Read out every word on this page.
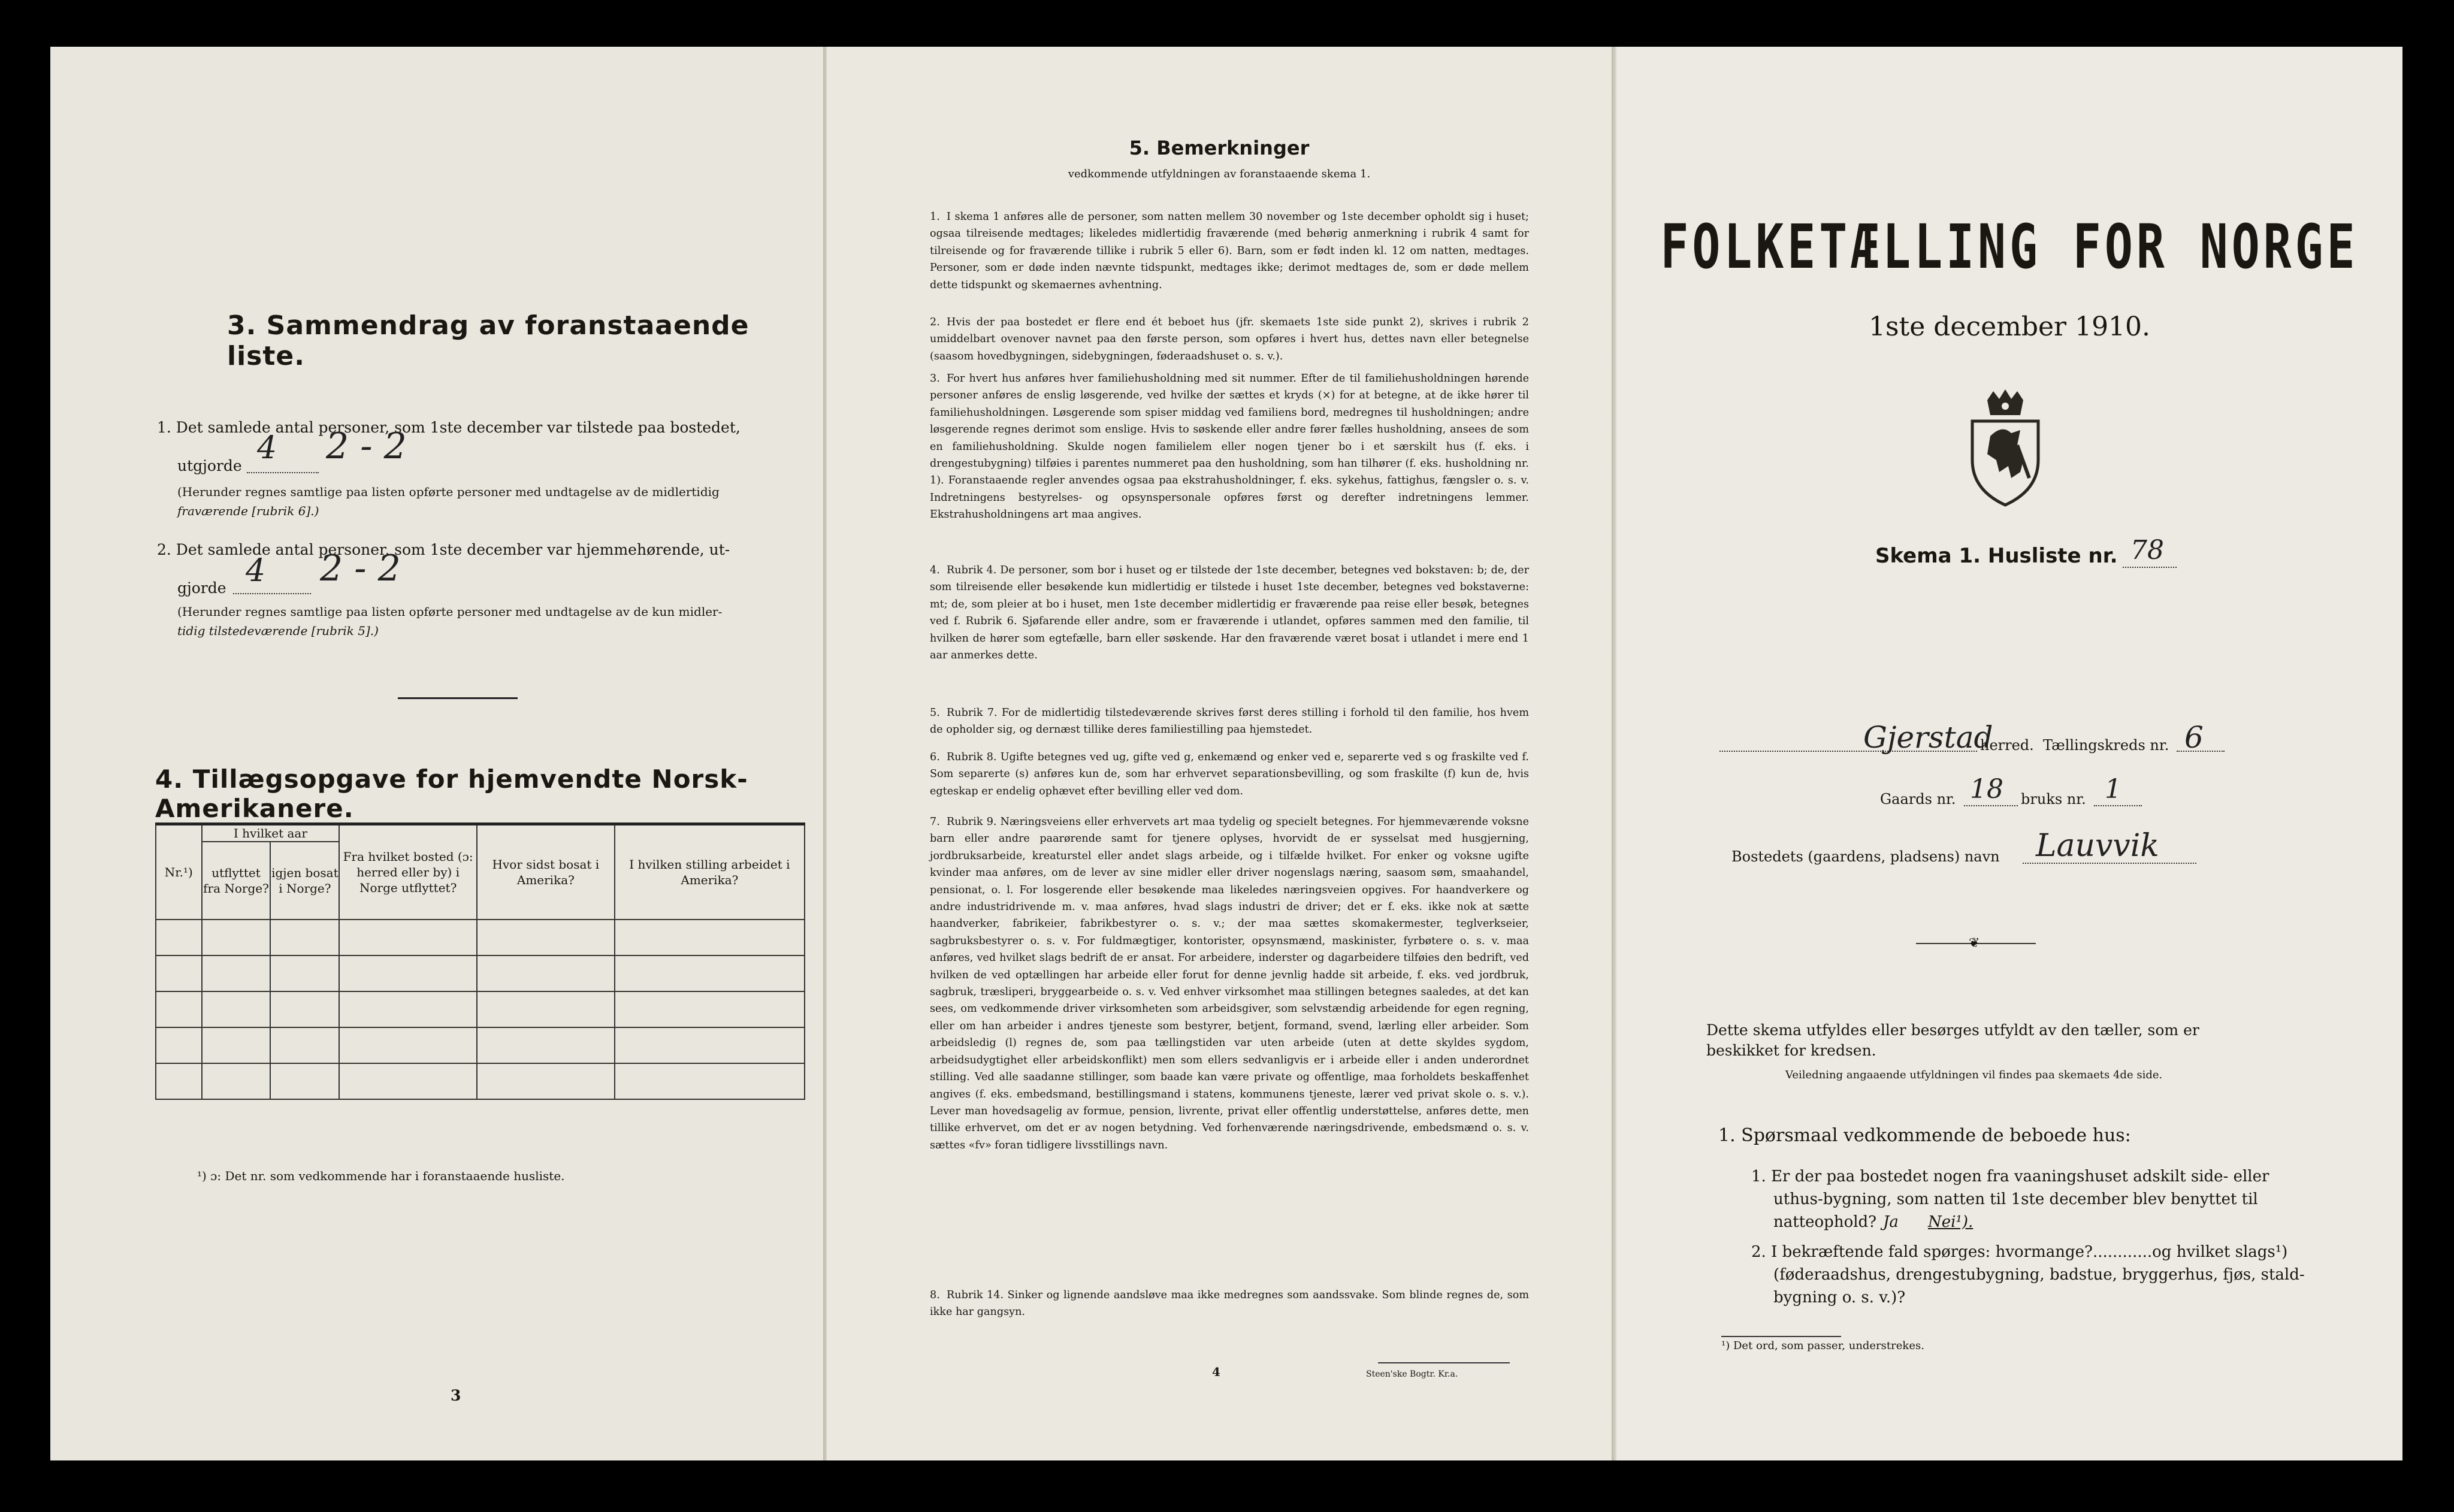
3. Sammendrag av foranstaaende liste.
1. Det samlede antal personer, som 1ste december var tilstede paa bostedet,
utgjorde 4 2 - 2
(Herunder regnes samtlige paa listen opførte personer med undtagelse av de midlertidig
fraværende [rubrik 6].)
2. Det samlede antal personer, som 1ste december var hjemmehørende, ut-
gjorde 4 2 - 2
(Herunder regnes samtlige paa listen opførte personer med undtagelse av de kun midler-
tidig tilstedeværende [rubrik 5].)
4. Tillægsopgave for hjemvendte Norsk-Amerikanere.
Nr.¹)	I hvilket aar		Fra hvilket bosted (ɔ: herred eller by) i Norge utflyttet?	Hvor sidst bosat i Amerika?	I hvilken stilling arbeidet i Amerika?
	utflyttet fra Norge?	igjen bosat i Norge?			

¹) ɔ: Det nr. som vedkommende har i foranstaaende husliste.
3
5. Bemerkninger
vedkommende utfyldningen av foranstaaende skema 1.
1. I skema 1 anføres alle de personer, som natten mellem 30 november og 1ste december opholdt sig i huset; ogsaa tilreisende medtages; likeledes midlertidig fraværende (med behørig anmerkning i rubrik 4 samt for tilreisende og for fraværende tillike i rubrik 5 eller 6). Barn, som er født inden kl. 12 om natten, medtages. Personer, som er døde inden nævnte tidspunkt, medtages ikke; derimot medtages de, som er døde mellem dette tidspunkt og skemaernes avhentning.
2. Hvis der paa bostedet er flere end ét beboet hus (jfr. skemaets 1ste side punkt 2), skrives i rubrik 2 umiddelbart ovenover navnet paa den første person, som opføres i hvert hus, dettes navn eller betegnelse (saasom hovedbygningen, sidebygningen, føderaadshuset o. s. v.).
3. For hvert hus anføres hver familiehusholdning med sit nummer. Efter de til familiehusholdningen hørende personer anføres de enslig løsgerende, ved hvilke der sættes et kryds (×) for at betegne, at de ikke hører til familiehusholdningen. Løsgerende som spiser middag ved familiens bord, medregnes til husholdningen; andre løsgerende regnes derimot som enslige. Hvis to søskende eller andre fører fælles husholdning, ansees de som en familiehusholdning. Skulde nogen familielem eller nogen tjener bo i et særskilt hus (f. eks. i drengestubygning) tilføies i parentes nummeret paa den husholdning, som han tilhører (f. eks. husholdning nr. 1). Foranstaaende regler anvendes ogsaa paa ekstrahusholdninger, f. eks. sykehus, fattighus, fængsler o. s. v. Indretningens bestyrelses- og opsynspersonale opføres først og derefter indretningens lemmer. Ekstrahusholdningens art maa angives.
4. Rubrik 4. De personer, som bor i huset og er tilstede der 1ste december, betegnes ved bokstaven: b; de, der som tilreisende eller besøkende kun midlertidig er tilstede i huset 1ste december, betegnes ved bokstaverne: mt; de, som pleier at bo i huset, men 1ste december midlertidig er fraværende paa reise eller besøk, betegnes ved f. Rubrik 6. Sjøfarende eller andre, som er fraværende i utlandet, opføres sammen med den familie, til hvilken de hører som egtefælle, barn eller søskende. Har den fraværende været bosat i utlandet i mere end 1 aar anmerkes dette.
5. Rubrik 7. For de midlertidig tilstedeværende skrives først deres stilling i forhold til den familie, hos hvem de opholder sig, og dernæst tillike deres familiestilling paa hjemstedet.
6. Rubrik 8. Ugifte betegnes ved ug, gifte ved g, enkemænd og enker ved e, separerte ved s og fraskilte ved f. Som separerte (s) anføres kun de, som har erhvervet separationsbevilling, og som fraskilte (f) kun de, hvis egteskap er endelig ophævet efter bevilling eller ved dom.
7. Rubrik 9. Næringsveiens eller erhvervets art maa tydelig og specielt betegnes. For hjemmeværende voksne barn eller andre paarørende samt for tjenere oplyses, hvorvidt de er sysselsat med husgjerning, jordbruksarbeide, kreaturstel eller andet slags arbeide, og i tilfælde hvilket. For enker og voksne ugifte kvinder maa anføres, om de lever av sine midler eller driver nogenslags næring, saasom søm, smaahandel, pensionat, o. l. For losgerende eller besøkende maa likeledes næringsveien opgives. For haandverkere og andre industridrivende m. v. maa anføres, hvad slags industri de driver; det er f. eks. ikke nok at sætte haandverker, fabrikeier, fabrikbestyrer o. s. v.; der maa sættes skomakermester, teglverkseier, sagbruksbestyrer o. s. v. For fuldmægtiger, kontorister, opsynsmænd, maskinister, fyrbøtere o. s. v. maa anføres, ved hvilket slags bedrift de er ansat. For arbeidere, inderster og dagarbeidere tilføies den bedrift, ved hvilken de ved optællingen har arbeide eller forut for denne jevnlig hadde sit arbeide, f. eks. ved jordbruk, sagbruk, træsliperi, bryggearbeide o. s. v. Ved enhver virksomhet maa stillingen betegnes saaledes, at det kan sees, om vedkommende driver virksomheten som arbeidsgiver, som selvstændig arbeidende for egen regning, eller om han arbeider i andres tjeneste som bestyrer, betjent, formand, svend, lærling eller arbeider. Som arbeidsledig (l) regnes de, som paa tællingstiden var uten arbeide (uten at dette skyldes sygdom, arbeidsudygtighet eller arbeidskonflikt) men som ellers sedvanligvis er i arbeide eller i anden underordnet stilling. Ved alle saadanne stillinger, som baade kan være private og offentlige, maa forholdets beskaffenhet angives (f. eks. embedsmand, bestillingsmand i statens, kommunens tjeneste, lærer ved privat skole o. s. v.). Lever man hovedsagelig av formue, pension, livrente, privat eller offentlig understøttelse, anføres dette, men tillike erhvervet, om det er av nogen betydning. Ved forhenværende næringsdrivende, embedsmænd o. s. v. sættes «fv» foran tidligere livsstillings navn.
8. Rubrik 14. Sinker og lignende aandsløve maa ikke medregnes som aandssvake. Som blinde regnes de, som ikke har gangsyn.
4	Steen'ske Bogtr. Kr.a.
FOLKETÆLLING FOR NORGE
1ste december 1910.
Skema 1. Husliste nr. 78
Gjerstad
herred. Tællingskreds nr. 6
Gaards nr. 18 bruks nr. 1
Bostedets (gaardens, pladsens) navn Lauvvik
❦
Dette skema utfyldes eller besørges utfyldt av den tæller, som er
beskikket for kredsen.
Veiledning angaaende utfyldningen vil findes paa skemaets 4de side.
1. Spørsmaal vedkommende de beboede hus:
1. Er der paa bostedet nogen fra vaaningshuset adskilt side- eller
uthus-bygning, som natten til 1ste december blev benyttet til
natteophold? Ja Nei¹).
2. I bekræftende fald spørges: hvormange?............og hvilket slags¹)
(føderaadshus, drengestubygning, badstue, bryggerhus, fjøs, stald-
bygning o. s. v.)?
¹) Det ord, som passer, understrekes.
